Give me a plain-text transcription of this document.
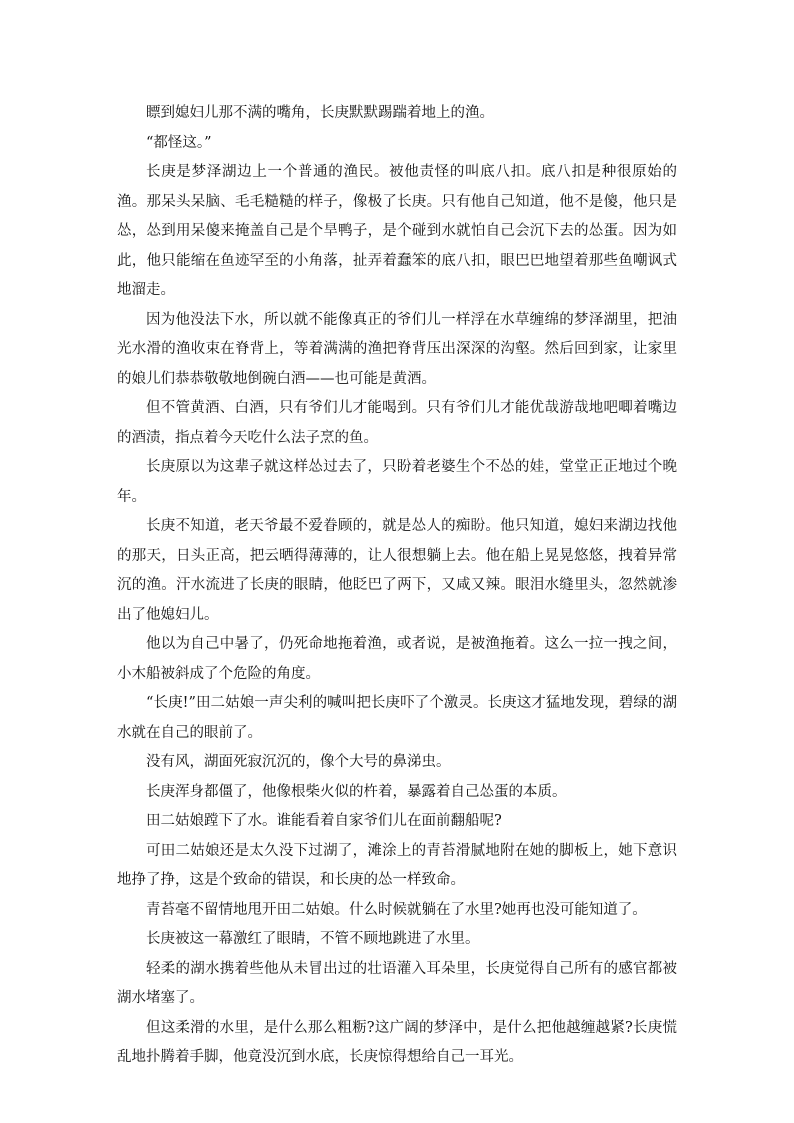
瞟到媳妇儿那不满的嘴角，长庚默默踢踹着地上的渔。

“都怪这。”

长庚是梦泽湖边上一个普通的渔民。被他责怪的叫底八扣。底八扣是种很原始的渔。那呆头呆脑、毛毛糙糙的样子，像极了长庚。只有他自己知道，他不是傻，他只是怂，怂到用呆傻来掩盖自己是个旱鸭子，是个碰到水就怕自己会沉下去的怂蛋。因为如此，他只能缩在鱼迹罕至的小角落，扯弄着蠢笨的底八扣，眼巴巴地望着那些鱼嘲讽式地溜走。

因为他没法下水，所以就不能像真正的爷们儿一样浮在水草缠绵的梦泽湖里，把油光水滑的渔收束在脊背上，等着满满的渔把脊背压出深深的沟壑。然后回到家，让家里的娘儿们恭恭敬敬地倒碗白酒——也可能是黄酒。

但不管黄酒、白酒，只有爷们儿才能喝到。只有爷们儿才能优哉游哉地吧唧着嘴边的酒渍，指点着今天吃什么法子烹的鱼。

长庚原以为这辈子就这样怂过去了，只盼着老婆生个不怂的娃，堂堂正正地过个晚年。

长庚不知道，老天爷最不爱眷顾的，就是怂人的痴盼。他只知道，媳妇来湖边找他的那天，日头正高，把云晒得薄薄的，让人很想躺上去。他在船上晃晃悠悠，拽着异常沉的渔。汗水流进了长庚的眼睛，他眨巴了两下，又咸又辣。眼泪水缝里头，忽然就渗出了他媳妇儿。

他以为自己中暑了，仍死命地拖着渔，或者说，是被渔拖着。这么一拉一拽之间，小木船被斜成了个危险的角度。

“长庚!”田二姑娘一声尖利的喊叫把长庚吓了个激灵。长庚这才猛地发现，碧绿的湖水就在自己的眼前了。

没有风，湖面死寂沉沉的，像个大号的鼻涕虫。

长庚浑身都僵了，他像根柴火似的杵着，暴露着自己怂蛋的本质。

田二姑娘蹚下了水。谁能看着自家爷们儿在面前翻船呢?

可田二姑娘还是太久没下过湖了，滩涂上的青苔滑腻地附在她的脚板上，她下意识地挣了挣，这是个致命的错误，和长庚的怂一样致命。

青苔毫不留情地甩开田二姑娘。什么时候就躺在了水里?她再也没可能知道了。

长庚被这一幕激红了眼睛，不管不顾地跳进了水里。

轻柔的湖水携着些他从未冒出过的壮语灌入耳朵里，长庚觉得自己所有的感官都被湖水堵塞了。

但这柔滑的水里，是什么那么粗粝?这广阔的梦泽中，是什么把他越缠越紧?长庚慌乱地扑腾着手脚，他竟没沉到水底，长庚惊得想给自己一耳光。
